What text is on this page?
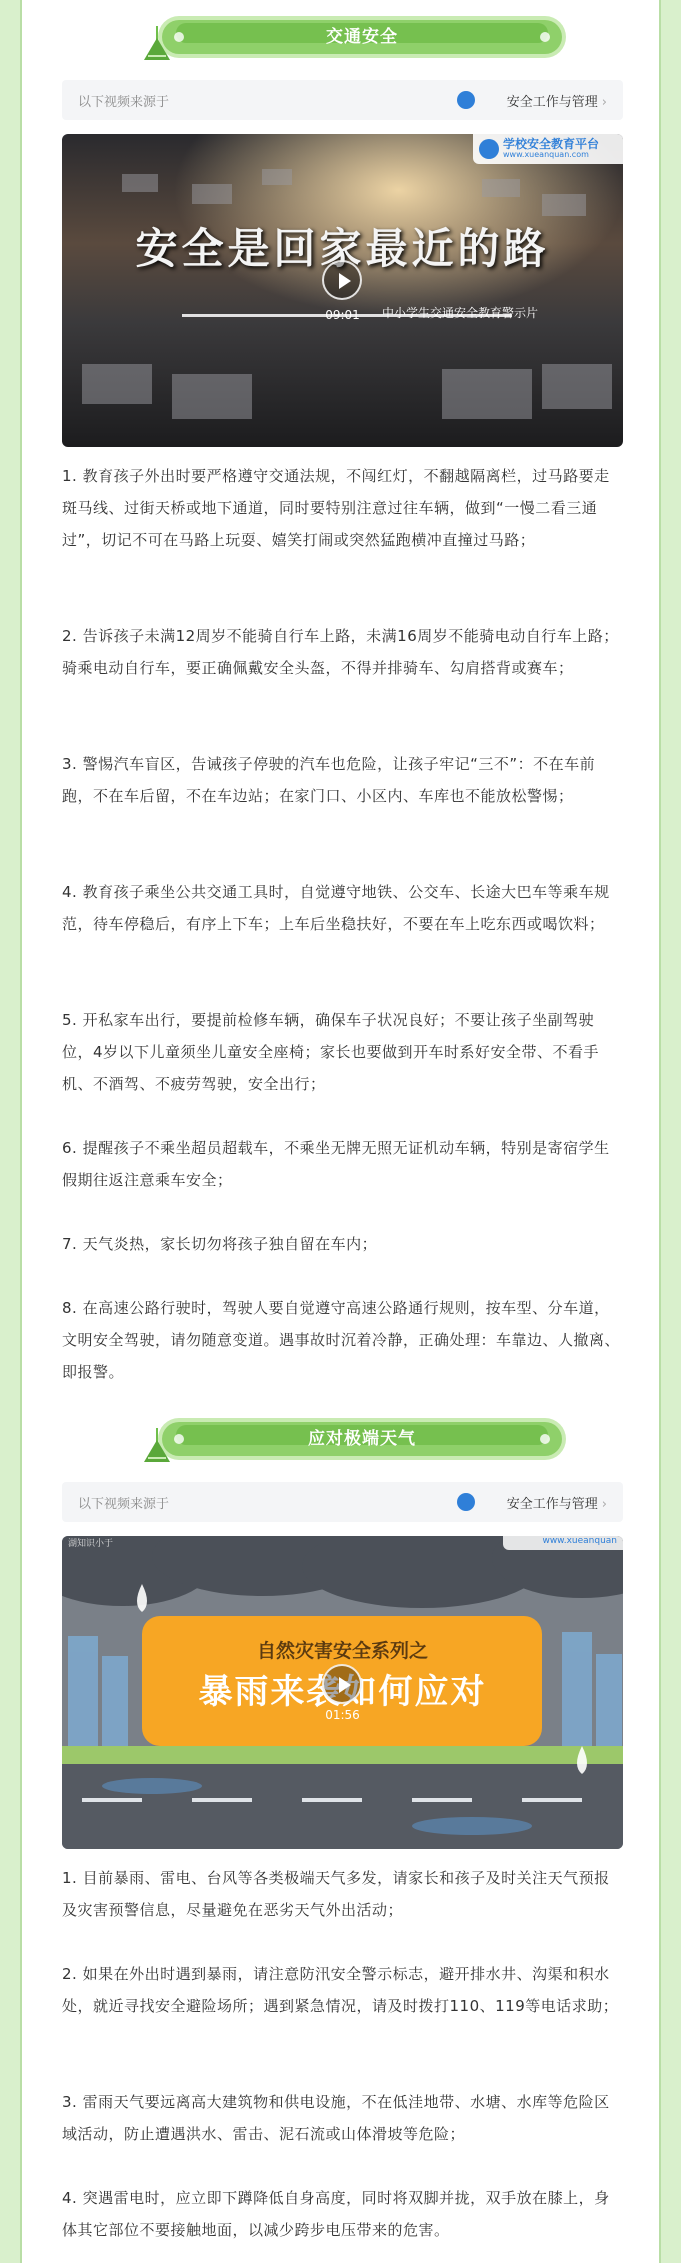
交通安全
以下视频来源于	安全工作与管理 ›
安全是回家最近的路
中小学生交通安全教育警示片
学校安全教育平台
www.xueanquan.com
09:01

1. 教育孩子外出时要严格遵守交通法规，不闯红灯，不翻越隔离栏，过马路要走斑马线、过街天桥或地下通道，同时要特别注意过往车辆，做到“一慢二看三通过”，切记不可在马路上玩耍、嬉笑打闹或突然猛跑横冲直撞过马路；

2. 告诉孩子未满12周岁不能骑自行车上路，未满16周岁不能骑电动自行车上路；骑乘电动自行车，要正确佩戴安全头盔，不得并排骑车、勾肩搭背或赛车；

3. 警惕汽车盲区，告诫孩子停驶的汽车也危险，让孩子牢记“三不”：不在车前跑，不在车后留，不在车边站；在家门口、小区内、车库也不能放松警惕；

4. 教育孩子乘坐公共交通工具时，自觉遵守地铁、公交车、长途大巴车等乘车规范，待车停稳后，有序上下车；上车后坐稳扶好，不要在车上吃东西或喝饮料；

5. 开私家车出行，要提前检修车辆，确保车子状况良好；不要让孩子坐副驾驶位，4岁以下儿童须坐儿童安全座椅；家长也要做到开车时系好安全带、不看手机、不酒驾、不疲劳驾驶，安全出行；

6. 提醒孩子不乘坐超员超载车，不乘坐无牌无照无证机动车辆，特别是寄宿学生假期往返注意乘车安全；

7. 天气炎热，家长切勿将孩子独自留在车内；

8. 在高速公路行驶时，驾驶人要自觉遵守高速公路通行规则，按车型、分车道，文明安全驾驶，请勿随意变道。遇事故时沉着冷静，正确处理：车靠边、人撤离、即报警。

应对极端天气
以下视频来源于	安全工作与管理 ›
www.xueanquan
湖知识小于
自然灾害安全系列之
暴雨来袭如何应对
01:56

1. 目前暴雨、雷电、台风等各类极端天气多发，请家长和孩子及时关注天气预报及灾害预警信息，尽量避免在恶劣天气外出活动；

2. 如果在外出时遇到暴雨，请注意防汛安全警示标志，避开排水井、沟渠和积水处，就近寻找安全避险场所；遇到紧急情况，请及时拨打110、119等电话求助；

3. 雷雨天气要远离高大建筑物和供电设施，不在低洼地带、水塘、水库等危险区域活动，防止遭遇洪水、雷击、泥石流或山体滑坡等危险；

4. 突遇雷电时，应立即下蹲降低自身高度，同时将双脚并拢，双手放在膝上，身体其它部位不要接触地面，以减少跨步电压带来的危害。
